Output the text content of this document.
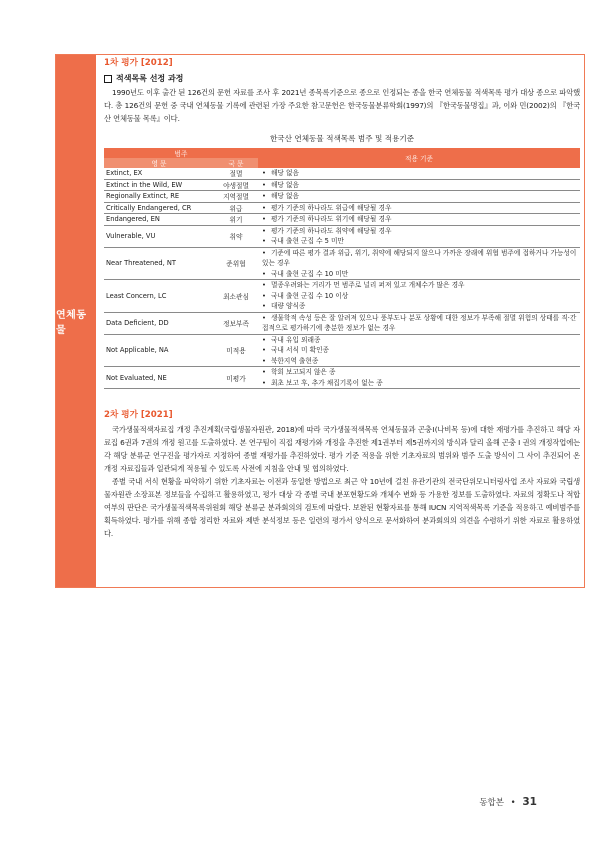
연체동물
1차 평가 [2012]
적색목록 선정 과정

1990년도 이후 출간 된 126건의 문헌 자료를 조사 후 2021년 종목록기준으로 종으로 인정되는 종을 한국 연체동물 적색목록 평가 대상 종으로 파악했다. 총 126건의 문헌 중 국내 연체동물 기록에 관련된 가장 주요한 참고문헌은 한국동물분류학회(1997)의 『한국동물명집』과, 이와 민(2002)의 『한국산 연체동물 목록』이다.

한국산 연체동물 적색목록 범주 및 적용기준
범주		적용 기준
영 문	국 문	
Extinct, EX	절멸	• 해당 없음

Extinct in the Wild, EW	야생절멸	• 해당 없음

Regionally Extinct, RE	지역절멸	• 해당 없음

Critically Endangered, CR	위급	• 평가 기준의 하나라도 위급에 해당될 경우

Endangered, EN	위기	• 평가 기준의 하나라도 위기에 해당될 경우

Vulnerable, VU	취약	• 평가 기준의 하나라도 취약에 해당될 경우
• 국내 출현 군집 수 5 미만

Near Threatened, NT	준위협	• 기준에 따른 평가 결과 위급, 위기, 취약에 해당되지 않으나 가까운 장래에 위협 범주에 접하거나 가능성이 있는 경우
• 국내 출현 군집 수 10 미만

Least Concern, LC	최소관심	• 멸종우려와는 거리가 먼 범주로 널리 퍼져 있고 개체수가 많은 경우
• 국내 출현 군집 수 10 이상
• 대량 양식종

Data Deficient, DD	정보부족	• 생물학적 속성 등은 잘 알려져 있으나 풍부도나 분포 상황에 대한 정보가 부족해 절멸 위험의 상태를 직·간접적으로 평가하기에 충분한 정보가 없는 경우

Not Applicable, NA	미적용	• 국내 유입 외래종
• 국내 서식 미 확인종
• 북한지역 출현종

Not Evaluated, NE	미평가	• 학회 보고되지 않은 종
• 최초 보고 후, 추가 채집기록이 없는 종
2차 평가 [2021]

국가생물적색자료집 개정 추진계획(국립생물자원관, 2018)에 따라 국가생물적색목록 연체동물과 곤충Ⅰ(나비목 등)에 대한 재평가를 추진하고 해당 자료집 6권과 7권의 개정 원고를 도출하였다. 본 연구팀이 직접 재평가와 개정을 추진한 제1권부터 제5권까지의 방식과 달리 올해 곤충 I 권의 개정작업에는 각 해당 분류군 연구진을 평가자로 지정하여 종별 재평가를 추진하였다. 평가 기준 적용을 위한 기초자료의 범위와 범주 도출 방식이 그 사이 추진되어 온 개정 자료집들과 일관되게 적용될 수 있도록 사전에 지침을 안내 및 협의하였다.

종별 국내 서식 현황을 파악하기 위한 기초자료는 이전과 동일한 방법으로 최근 약 10년에 걸친 유관기관의 전국단위모니터링사업 조사 자료와 국립생물자원관 소장표본 정보들을 수집하고 활용하였고, 평가 대상 각 종별 국내 분포현황도와 개체수 변화 등 가용한 정보를 도출하였다. 자료의 정확도나 적합 여부의 판단은 국가생물적색목록위원회 해당 분류군 분과회의의 검토에 따랐다. 보완된 현황자료를 통해 IUCN 지역적색목록 기준을 적용하고 예비범주를 획득하였다. 평가를 위해 종합 정리한 자료와 제반 분석정보 등은 일련의 평가서 양식으로 문서화하여 분과회의의 의견을 수렴하기 위한 자료로 활용하였다.

동합본 • 31
